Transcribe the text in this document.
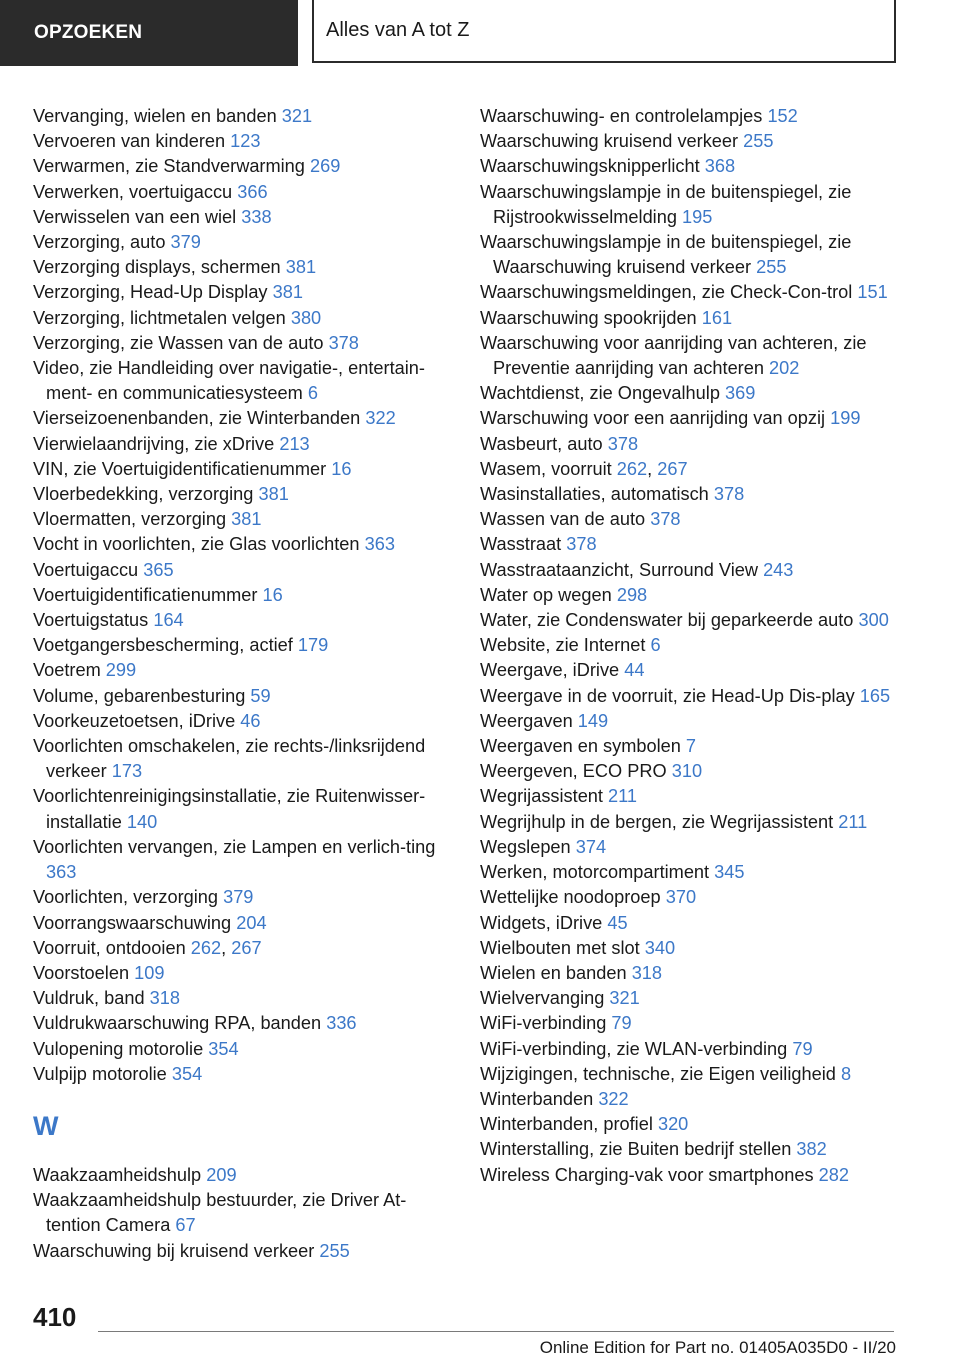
OPZOEKEN	Alles van A tot Z

Vervanging, wielen en banden 321

Vervoeren van kinderen 123

Verwarmen, zie Standverwarming 269

Verwerken, voertuigaccu 366

Verwisselen van een wiel 338

Verzorging, auto 379

Verzorging displays, schermen 381

Verzorging, Head-Up Display 381

Verzorging, lichtmetalen velgen 380

Verzorging, zie Wassen van de auto 378

Video, zie Handleiding over navigatie-, entertain‐ment- en communicatiesysteem 6

Vierseizoenenbanden, zie Winterbanden 322

Vierwielaandrijving, zie xDrive 213

VIN, zie Voertuigidentificatienummer 16

Vloerbedekking, verzorging 381

Vloermatten, verzorging 381

Vocht in voorlichten, zie Glas voorlichten 363

Voertuigaccu 365

Voertuigidentificatienummer 16

Voertuigstatus 164

Voetgangersbescherming, actief 179

Voetrem 299

Volume, gebarenbesturing 59

Voorkeuzetoetsen, iDrive 46

Voorlichten omschakelen, zie rechts-/linksrijdend verkeer 173

Voorlichtenreinigingsinstallatie, zie Ruitenwisser‐installatie 140

Voorlichten vervangen, zie Lampen en verlich‐ting 363

Voorlichten, verzorging 379

Voorrangswaarschuwing 204

Voorruit, ontdooien 262, 267

Voorstoelen 109

Vuldruk, band 318

Vuldrukwaarschuwing RPA, banden 336

Vulopening motorolie 354

Vulpijp motorolie 354

W

Waakzaamheidshulp 209

Waakzaamheidshulp bestuurder, zie Driver At‐tention Camera 67

Waarschuwing bij kruisend verkeer 255

Waarschuwing- en controlelampjes 152

Waarschuwing kruisend verkeer 255

Waarschuwingsknipperlicht 368

Waarschuwingslampje in de buitenspiegel, zie Rijstrookwisselmelding 195

Waarschuwingslampje in de buitenspiegel, zie Waarschuwing kruisend verkeer 255

Waarschuwingsmeldingen, zie Check-Con‐trol 151

Waarschuwing spookrijden 161

Waarschuwing voor aanrijding van achteren, zie Preventie aanrijding van achteren 202

Wachtdienst, zie Ongevalhulp 369

Warschuwing voor een aanrijding van opzij 199

Wasbeurt, auto 378

Wasem, voorruit 262, 267

Wasinstallaties, automatisch 378

Wassen van de auto 378

Wasstraat 378

Wasstraataanzicht, Surround View 243

Water op wegen 298

Water, zie Condenswater bij geparkeerde auto 300

Website, zie Internet 6

Weergave, iDrive 44

Weergave in de voorruit, zie Head-Up Dis‐play 165

Weergaven 149

Weergaven en symbolen 7

Weergeven, ECO PRO 310

Wegrijassistent 211

Wegrijhulp in de bergen, zie Wegrijassistent 211

Wegslepen 374

Werken, motorcompartiment 345

Wettelijke noodoproep 370

Widgets, iDrive 45

Wielbouten met slot 340

Wielen en banden 318

Wielvervanging 321

WiFi-verbinding 79

WiFi-verbinding, zie WLAN-verbinding 79

Wijzigingen, technische, zie Eigen veiligheid 8

Winterbanden 322

Winterbanden, profiel 320

Winterstalling, zie Buiten bedrijf stellen 382

Wireless Charging-vak voor smartphones 282

410
Online Edition for Part no. 01405A035D0 - II/20
